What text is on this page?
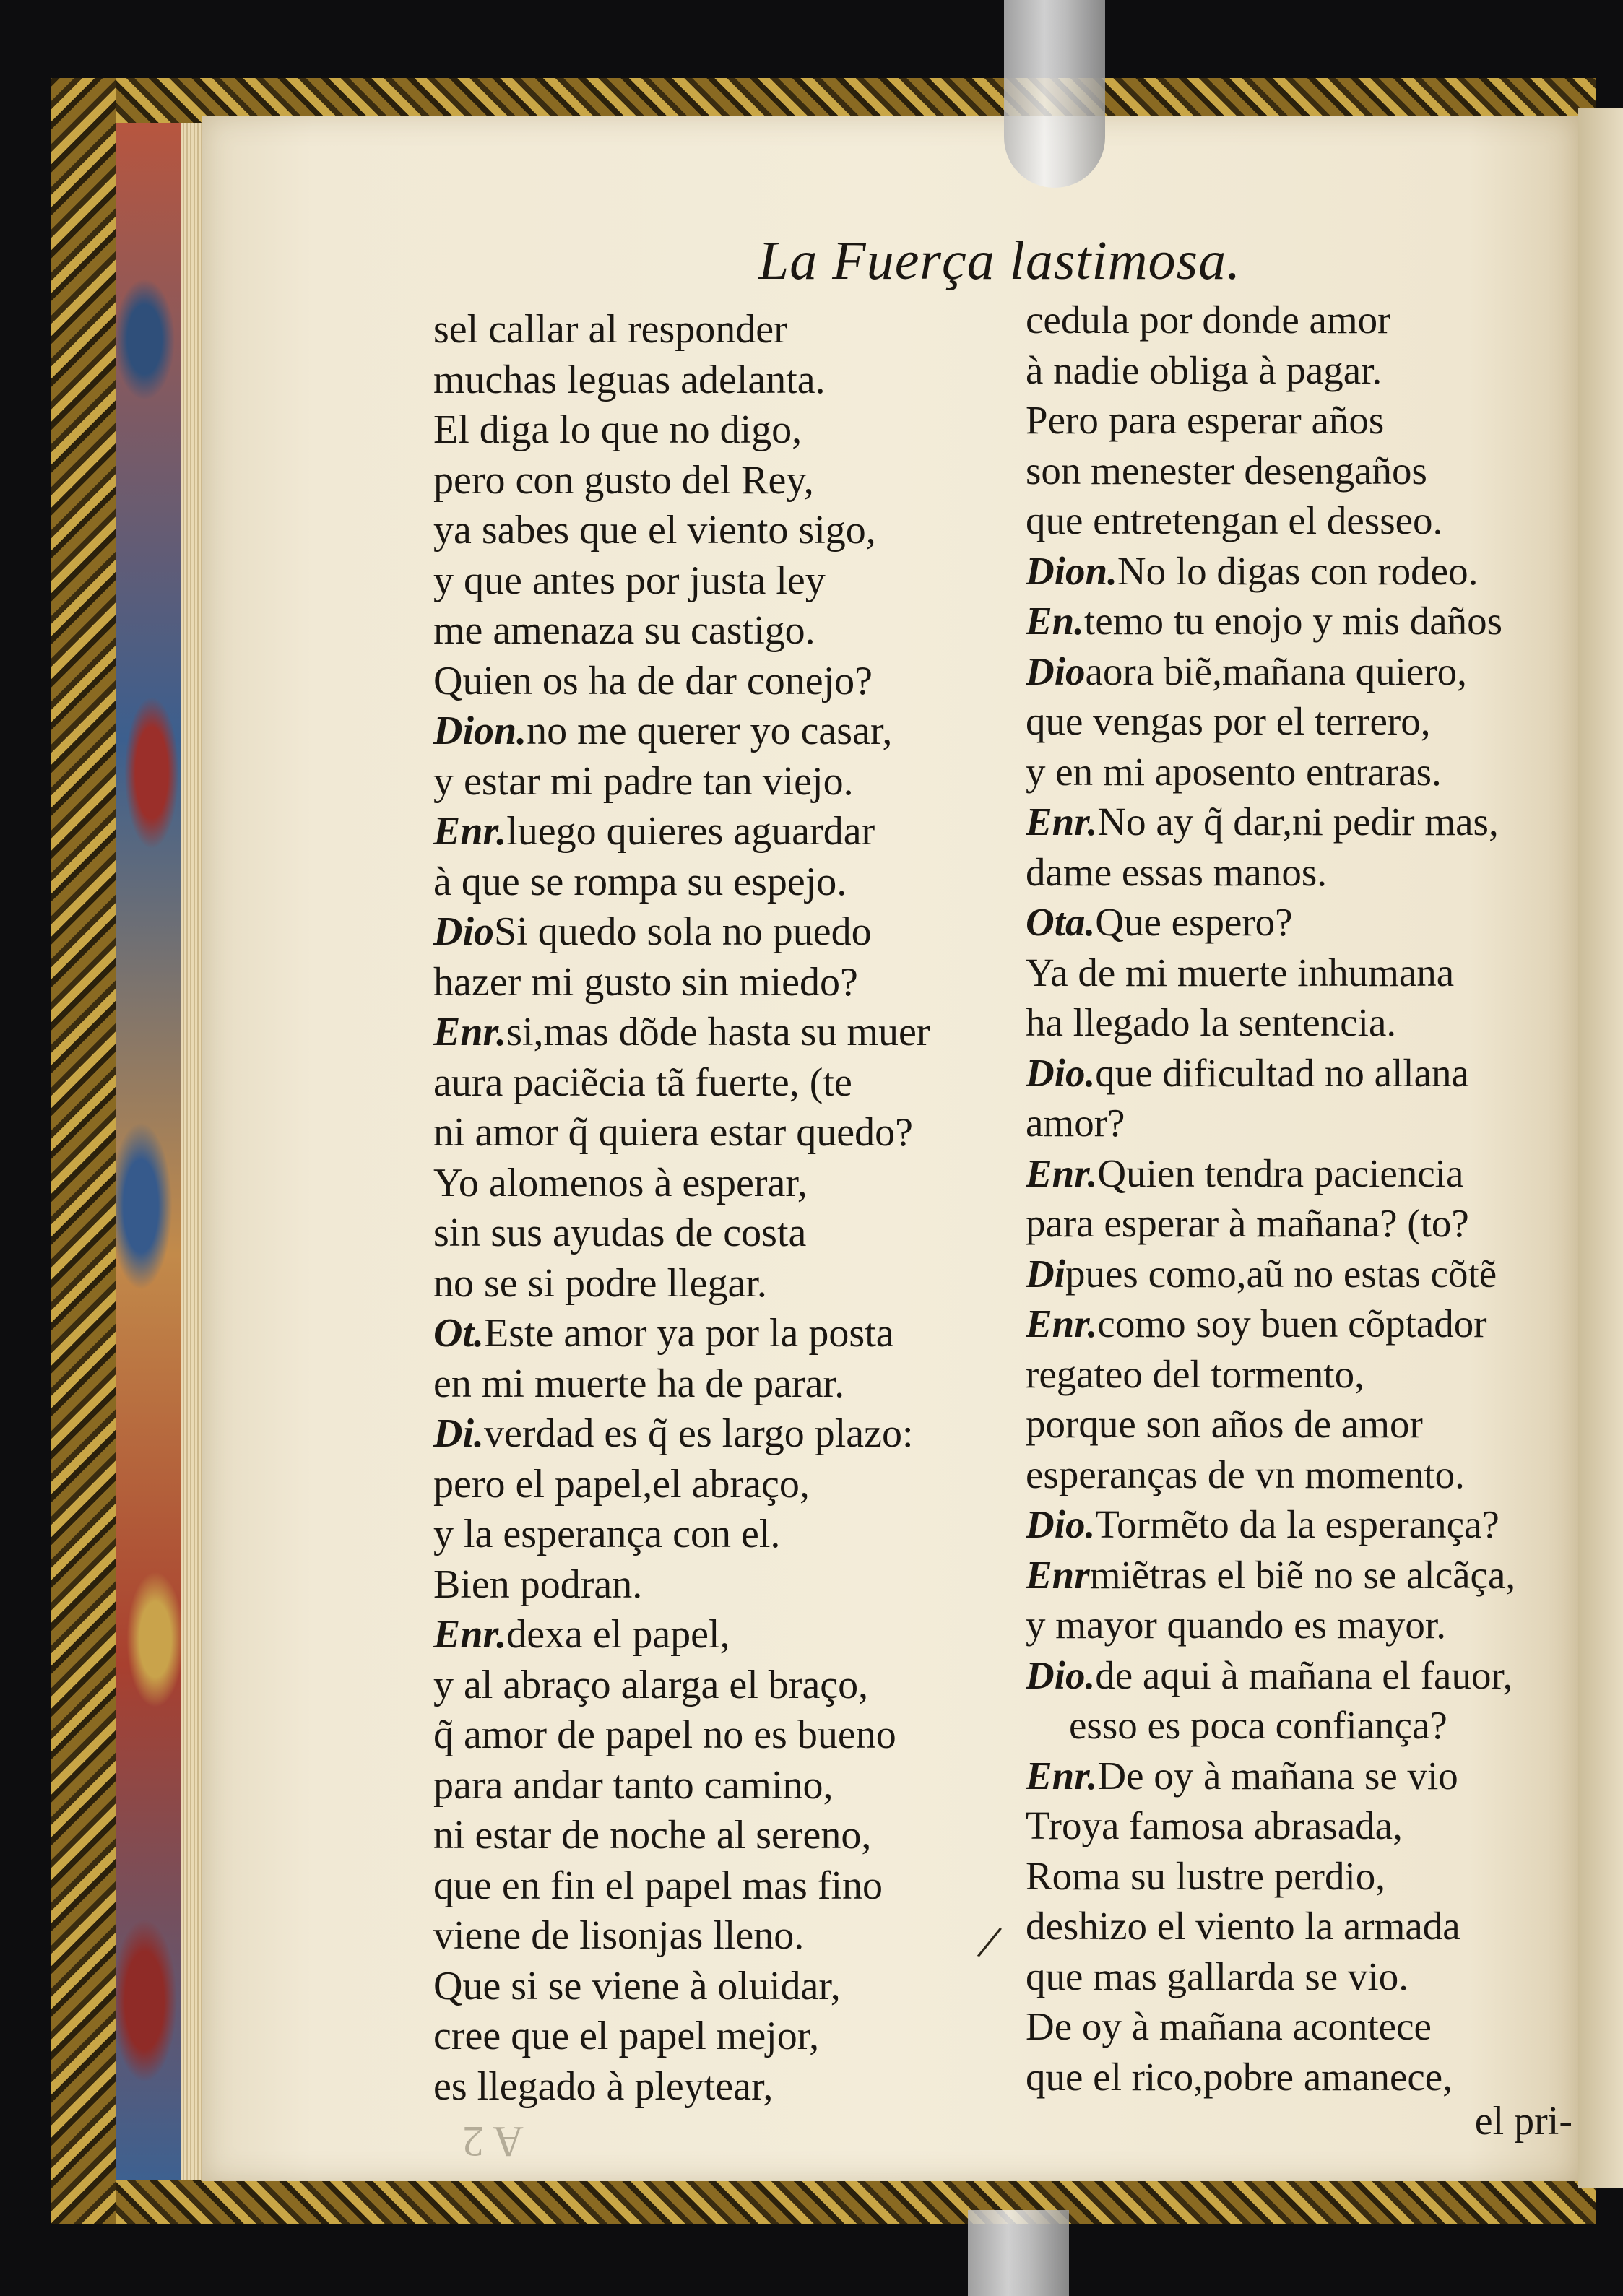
La Fuerça lastimosa.
sel callar al responder
muchas leguas adelanta.
El diga lo que no digo,
pero con gusto del Rey,
ya sabes que el viento sigo,
y que antes por justa ley
me amenaza su castigo.
Quien os ha de dar conejo?
Dion.no me querer yo casar,
y estar mi padre tan viejo.
Enr.luego quieres aguardar
à que se rompa su espejo.
DioSi quedo sola no puedo
hazer mi gusto sin miedo?
Enr.si,mas dõde hasta su muer
aura paciẽcia tã fuerte, (te
ni amor q̃ quiera estar quedo?
Yo alomenos à esperar,
sin sus ayudas de costa
no se si podre llegar.
Ot.Este amor ya por la posta
en mi muerte ha de parar.
Di.verdad es q̃ es largo plazo:
pero el papel,el abraço,
y la esperança con el.
Bien podran.
Enr.dexa el papel,
y al abraço alarga el braço,
q̃ amor de papel no es bueno
para andar tanto camino,
ni estar de noche al sereno,
que en fin el papel mas fino
viene de lisonjas lleno.
Que si se viene à oluidar,
cree que el papel mejor,
es llegado à pleytear,
cedula por donde amor
à nadie obliga à pagar.
Pero para esperar años
son menester desengaños
que entretengan el desseo.
Dion.No lo digas con rodeo.
En.temo tu enojo y mis daños
Dioaora biẽ,mañana quiero,
que vengas por el terrero,
y en mi aposento entraras.
Enr.No ay q̃ dar,ni pedir mas,
dame essas manos.
Ota.Que espero?
Ya de mi muerte inhumana
ha llegado la sentencia.
Dio.que dificultad no allana
amor?
Enr.Quien tendra paciencia
para esperar à mañana? (to?
Dipues como,aũ no estas cõtẽ
Enr.como soy buen cõptador
regateo del tormento,
porque son años de amor
esperanças de vn momento.
Dio.Tormẽto da la esperança?
Enrmiẽtras el biẽ no se alcãça,
y mayor quando es mayor.
Dio.de aqui à mañana el fauor,
esso es poca confiança?
Enr.De oy à mañana se vio
Troya famosa abrasada,
Roma su lustre perdio,
deshizo el viento la armada
que mas gallarda se vio.
De oy à mañana acontece
que el rico,pobre amanece,
el pri-
A 2
/
